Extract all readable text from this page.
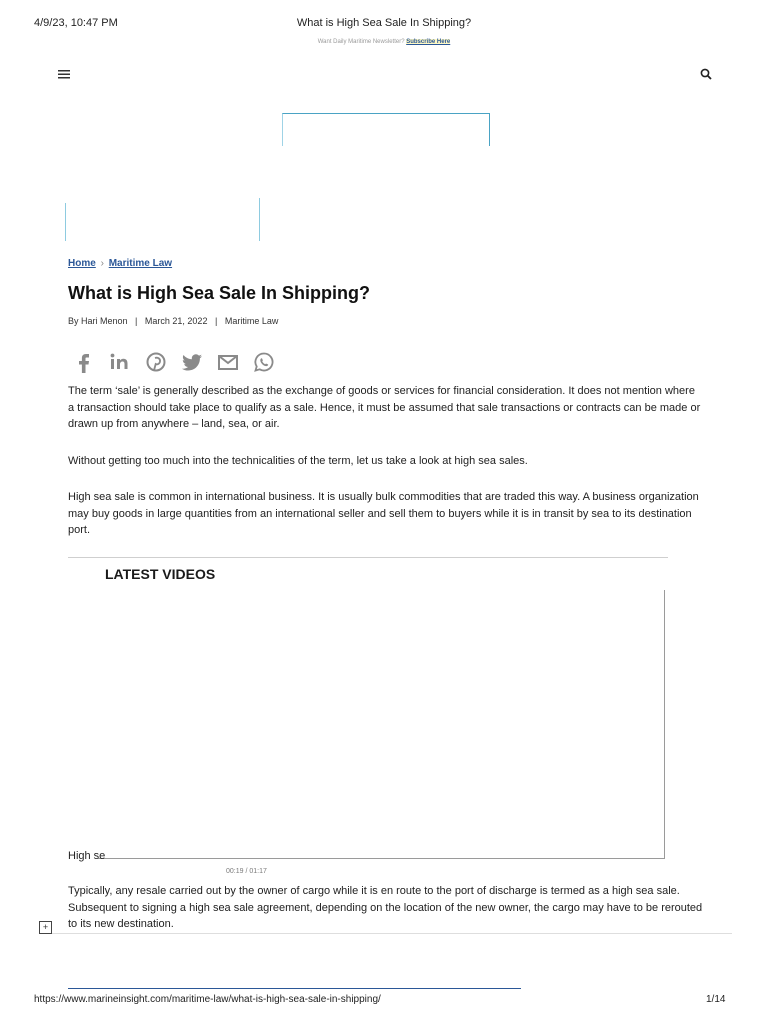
4/9/23, 10:47 PM	What is High Sea Sale In Shipping?
Want Daily Maritime Newsletter? Subscribe Here
Home › Maritime Law
What is High Sea Sale In Shipping?
By Hari Menon | March 21, 2022 | Maritime Law

The term ‘sale’ is generally described as the exchange of goods or services for financial consideration. It does not mention where a transaction should take place to qualify as a sale. Hence, it must be assumed that sale transactions or contracts can be made or drawn up from anywhere – land, sea, or air.

Without getting too much into the technicalities of the term, let us take a look at high sea sales.

High sea sale is common in international business. It is usually bulk commodities that are traded this way. A business organization may buy goods in large quantities from an international seller and sell them to buyers while it is in transit by sea to its destination port.

LATEST VIDEOS
High se
00:19 / 01:17

Typically, any resale carried out by the owner of cargo while it is en route to the port of discharge is termed as a high sea sale. Subsequent to signing a high sea sale agreement, depending on the location of the new owner, the cargo may have to be rerouted to its new destination.

+
https://www.marineinsight.com/maritime-law/what-is-high-sea-sale-in-shipping/	1/14
